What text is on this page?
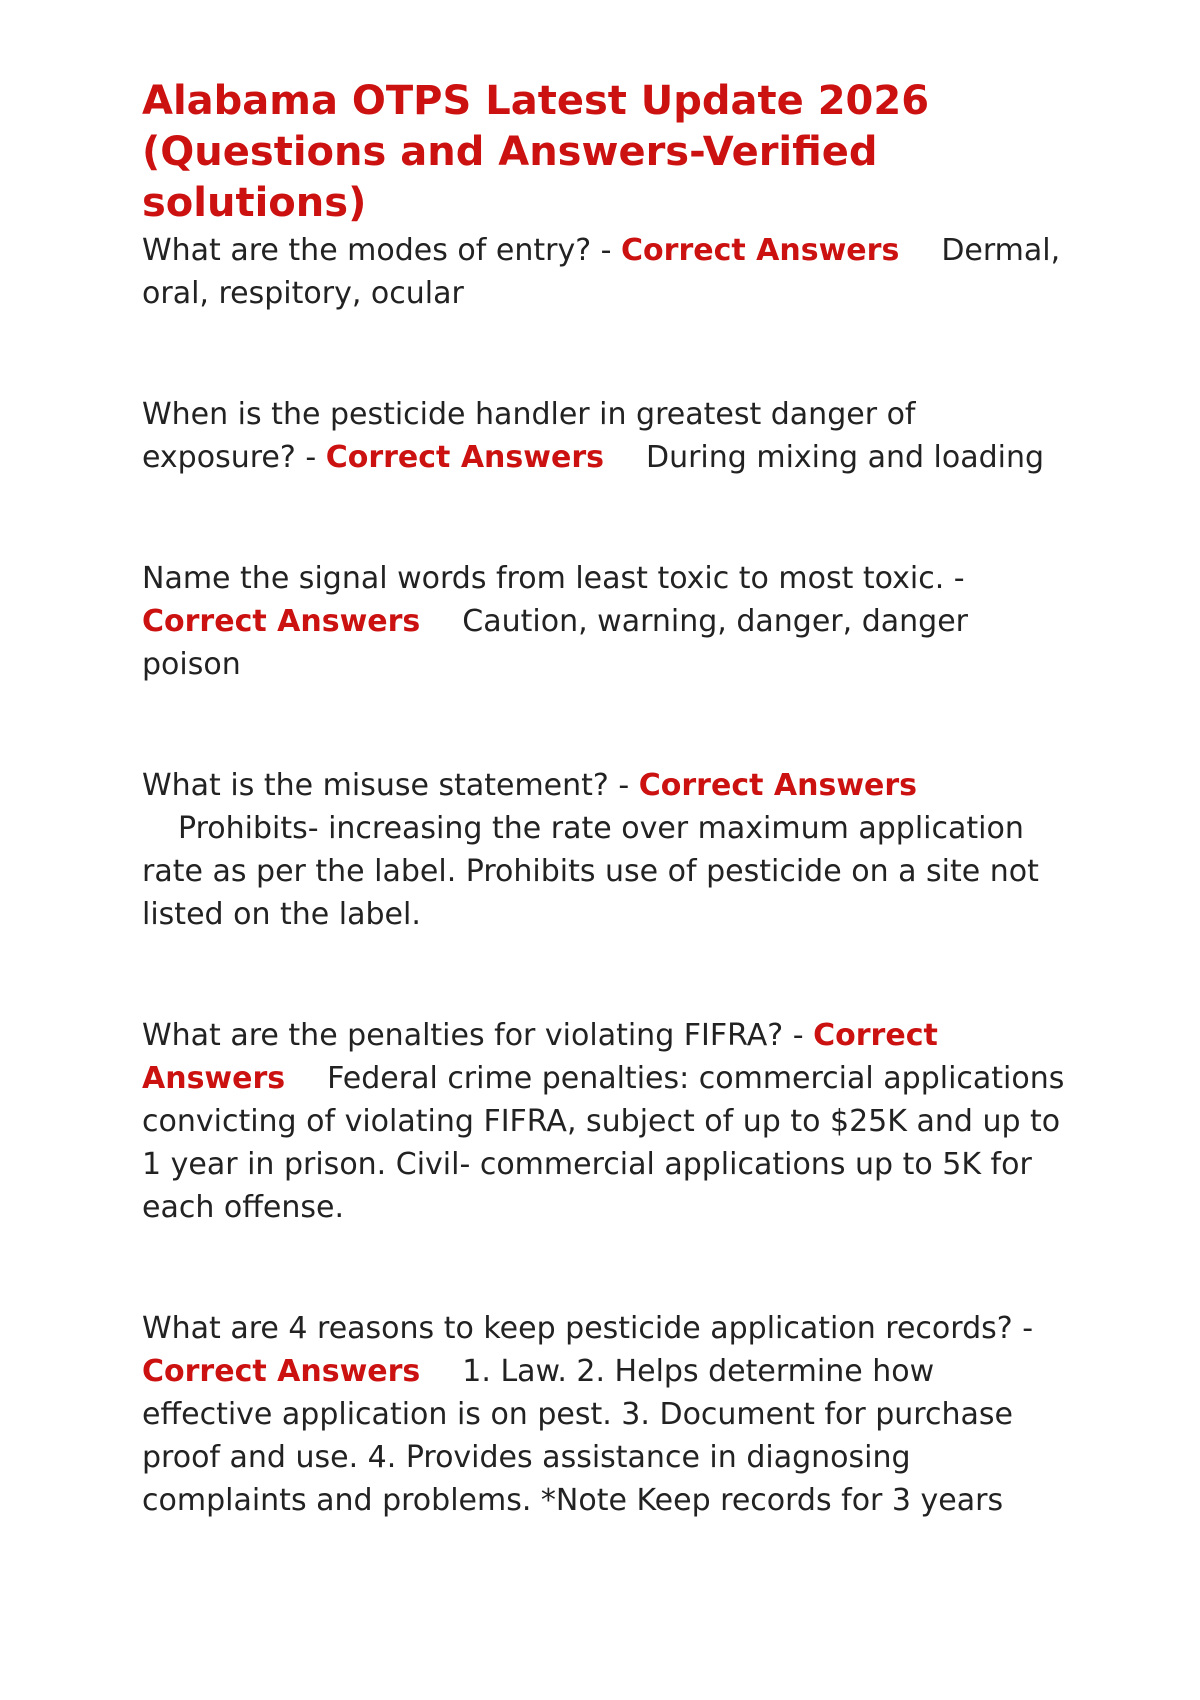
Alabama OTPS Latest Update 2026 (Questions and Answers-Verified solutions)

What are the modes of entry? - Correct Answers Dermal, oral, respitory, ocular

When is the pesticide handler in greatest danger of exposure? - Correct Answers During mixing and loading

Name the signal words from least toxic to most toxic. - Correct Answers Caution, warning, danger, danger poison

What is the misuse statement? - Correct Answers
Prohibits- increasing the rate over maximum application rate as per the label. Prohibits use of pesticide on a site not listed on the label.

What are the penalties for violating FIFRA? - Correct Answers Federal crime penalties: commercial applications convicting of violating FIFRA, subject of up to $25K and up to 1 year in prison. Civil- commercial applications up to 5K for each offense.

What are 4 reasons to keep pesticide application records? - Correct Answers 1. Law. 2. Helps determine how effective application is on pest. 3. Document for purchase proof and use. 4. Provides assistance in diagnosing complaints and problems. *Note Keep records for 3 years
